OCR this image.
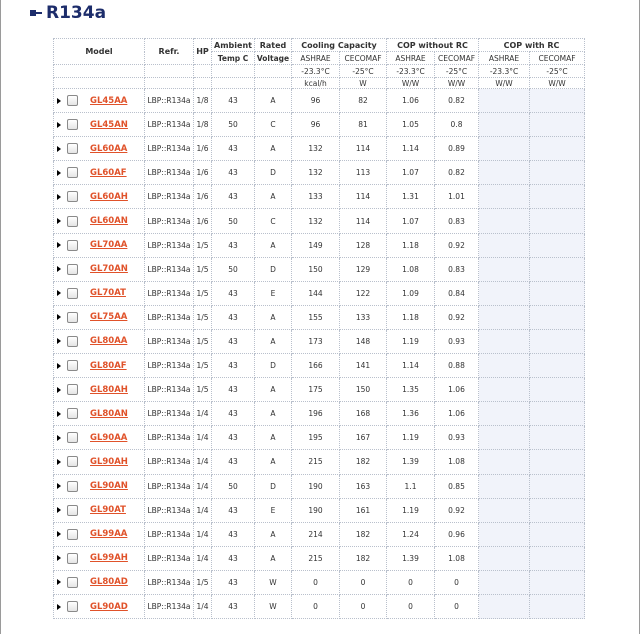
R134a
Model	Refr.	HP	Ambient	Rated	Cooling Capacity		COP without RC		COP with RC	
			Temp C	Voltage	ASHRAE	CECOMAF	ASHRAE	CECOMAF	ASHRAE	CECOMAF
					-23.3°C	-25°C	-23.3°C	-25°C	-23.3°C	-25°C
					kcal/h	W	W/W	W/W	W/W	W/W

GL45AA	LBP::R134a	1/8	43	A	96	82	1.06	0.82		

GL45AN	LBP::R134a	1/8	50	C	96	81	1.05	0.8		

GL60AA	LBP::R134a	1/6	43	A	132	114	1.14	0.89		

GL60AF	LBP::R134a	1/6	43	D	132	113	1.07	0.82		

GL60AH	LBP::R134a	1/6	43	A	133	114	1.31	1.01		

GL60AN	LBP::R134a	1/6	50	C	132	114	1.07	0.83		

GL70AA	LBP::R134a	1/5	43	A	149	128	1.18	0.92		

GL70AN	LBP::R134a	1/5	50	D	150	129	1.08	0.83		

GL70AT	LBP::R134a	1/5	43	E	144	122	1.09	0.84		

GL75AA	LBP::R134a	1/5	43	A	155	133	1.18	0.92		

GL80AA	LBP::R134a	1/5	43	A	173	148	1.19	0.93		

GL80AF	LBP::R134a	1/5	43	D	166	141	1.14	0.88		

GL80AH	LBP::R134a	1/5	43	A	175	150	1.35	1.06		

GL80AN	LBP::R134a	1/4	43	A	196	168	1.36	1.06		

GL90AA	LBP::R134a	1/4	43	A	195	167	1.19	0.93		

GL90AH	LBP::R134a	1/4	43	A	215	182	1.39	1.08		

GL90AN	LBP::R134a	1/4	50	D	190	163	1.1	0.85		

GL90AT	LBP::R134a	1/4	43	E	190	161	1.19	0.92		

GL99AA	LBP::R134a	1/4	43	A	214	182	1.24	0.96		

GL99AH	LBP::R134a	1/4	43	A	215	182	1.39	1.08		

GL80AD	LBP::R134a	1/5	43	W	0	0	0	0		

GL90AD	LBP::R134a	1/4	43	W	0	0	0	0		
